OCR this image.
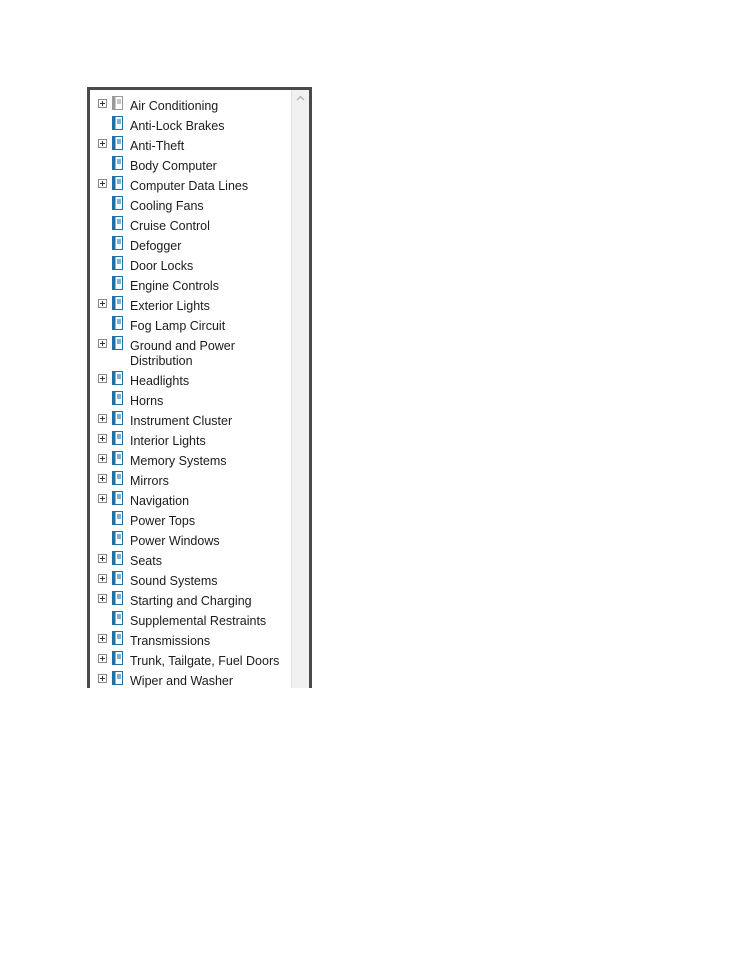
Air Conditioning
Anti-Lock Brakes
Anti-Theft
Body Computer
Computer Data Lines
Cooling Fans
Cruise Control
Defogger
Door Locks
Engine Controls
Exterior Lights
Fog Lamp Circuit
Ground and Power Distribution
Headlights
Horns
Instrument Cluster
Interior Lights
Memory Systems
Mirrors
Navigation
Power Tops
Power Windows
Seats
Sound Systems
Starting and Charging
Supplemental Restraints
Transmissions
Trunk, Tailgate, Fuel Doors
Wiper and Washer
